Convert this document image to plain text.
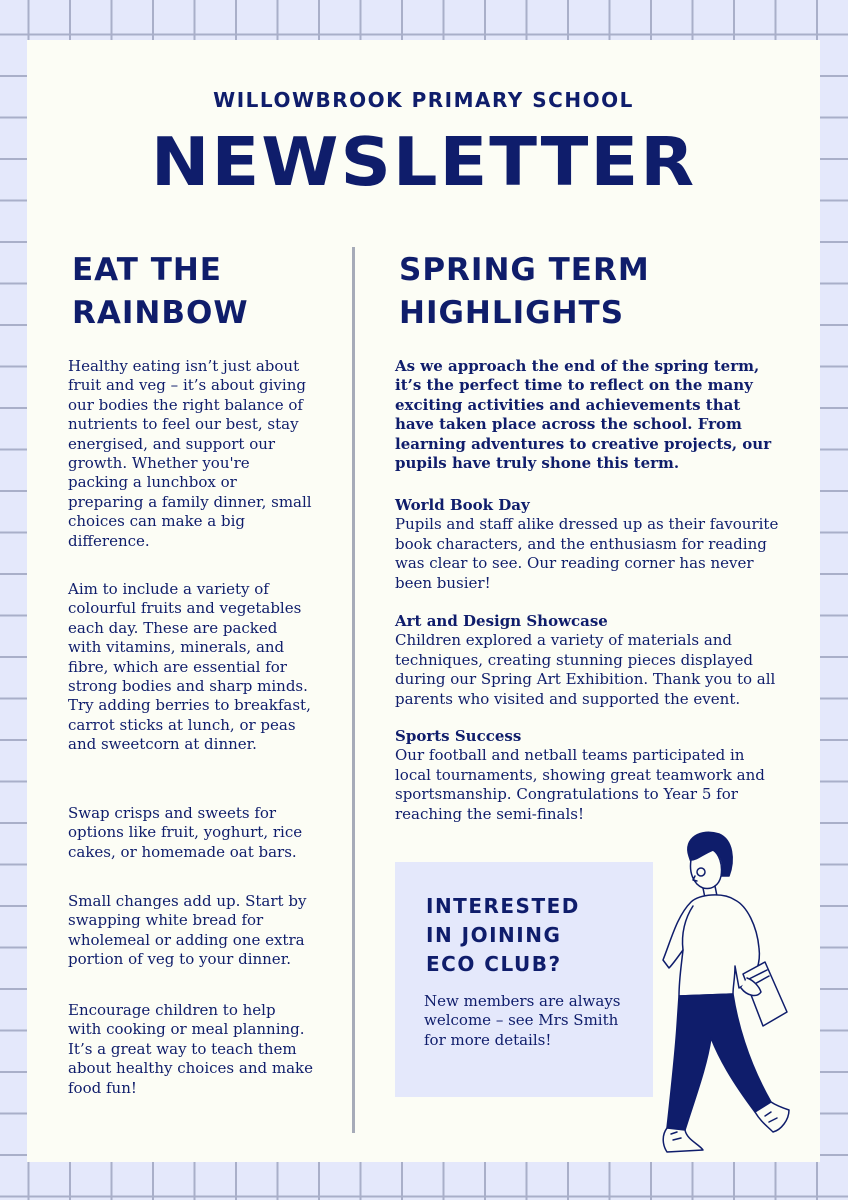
WILLOWBROOK PRIMARY SCHOOL
NEWSLETTER
EAT THE
RAINBOW

Healthy eating isn’t just about fruit and veg – it’s about giving our bodies the right balance of nutrients to feel our best, stay energised, and support our growth. Whether you're packing a lunchbox or preparing a family dinner, small choices can make a big difference.

Aim to include a variety of colourful fruits and vegetables each day. These are packed with vitamins, minerals, and fibre, which are essential for strong bodies and sharp minds. Try adding berries to breakfast, carrot sticks at lunch, or peas and sweetcorn at dinner.

Swap crisps and sweets for options like fruit, yoghurt, rice cakes, or homemade oat bars.

Small changes add up. Start by swapping white bread for wholemeal or adding one extra portion of veg to your dinner.

Encourage children to help with cooking or meal planning. It’s a great way to teach them about healthy choices and make food fun!

SPRING TERM
HIGHLIGHTS

As we approach the end of the spring term, it’s the perfect time to reflect on the many exciting activities and achievements that have taken place across the school. From learning adventures to creative projects, our pupils have truly shone this term.

World Book Day
Pupils and staff alike dressed up as their favourite book characters, and the enthusiasm for reading was clear to see. Our reading corner has never been busier!
Art and Design Showcase
Children explored a variety of materials and techniques, creating stunning pieces displayed during our Spring Art Exhibition. Thank you to all parents who visited and supported the event.
Sports Success
Our football and netball teams participated in local tournaments, showing great teamwork and sportsmanship. Congratulations to Year 5 for reaching the semi-finals!
INTERESTED
IN JOINING
ECO CLUB?

New members are always welcome – see Mrs Smith for more details!
